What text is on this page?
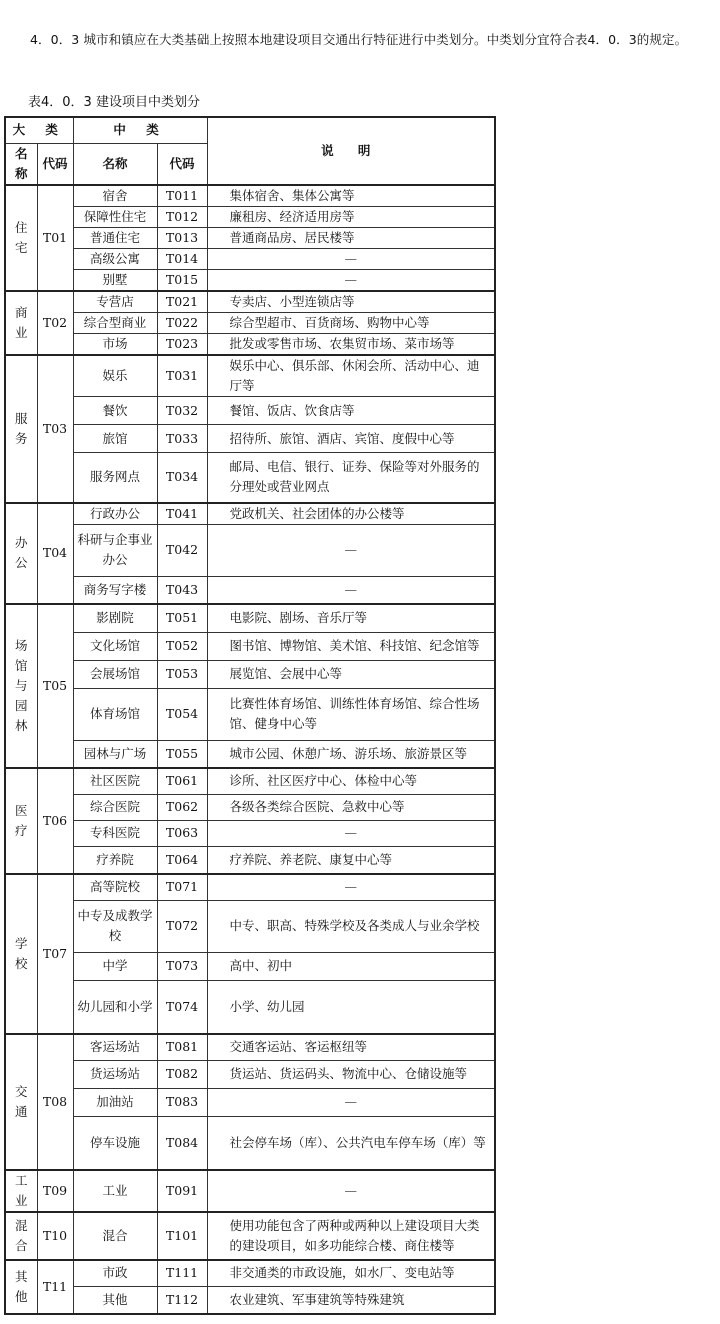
4．0．3 城市和镇应在大类基础上按照本地建设项目交通出行特征进行中类划分。中类划分宜符合表4．0．3的规定。
表4．0．3 建设项目中类划分
大 类		中 类		说 明
名称	代码	名称	代码	
住宅	T01	宿舍	T011	集体宿舍、集体公寓等
		保障性住宅	T012	廉租房、经济适用房等
		普通住宅	T013	普通商品房、居民楼等
		高级公寓	T014	—
		别墅	T015	—
商业	T02	专营店	T021	专卖店、小型连锁店等
		综合型商业	T022	综合型超市、百货商场、购物中心等
		市场	T023	批发或零售市场、农集贸市场、菜市场等
服务	T03	娱乐	T031	娱乐中心、俱乐部、休闲会所、活动中心、迪厅等
		餐饮	T032	餐馆、饭店、饮食店等
		旅馆	T033	招待所、旅馆、酒店、宾馆、度假中心等
		服务网点	T034	邮局、电信、银行、证券、保险等对外服务的分理处或营业网点
办公	T04	行政办公	T041	党政机关、社会团体的办公楼等
		科研与企事业办公	T042	—
		商务写字楼	T043	—
场馆与园林	T05	影剧院	T051	电影院、剧场、音乐厅等
		文化场馆	T052	图书馆、博物馆、美术馆、科技馆、纪念馆等
		会展场馆	T053	展览馆、会展中心等
		体育场馆	T054	比赛性体育场馆、训练性体育场馆、综合性场馆、健身中心等
		园林与广场	T055	城市公园、休憩广场、游乐场、旅游景区等
医疗	T06	社区医院	T061	诊所、社区医疗中心、体检中心等
		综合医院	T062	各级各类综合医院、急救中心等
		专科医院	T063	—
		疗养院	T064	疗养院、养老院、康复中心等
学校	T07	高等院校	T071	—
		中专及成教学校	T072	中专、职高、特殊学校及各类成人与业余学校
		中学	T073	高中、初中
		幼儿园和小学	T074	小学、幼儿园
交通	T08	客运场站	T081	交通客运站、客运枢纽等
		货运场站	T082	货运站、货运码头、物流中心、仓储设施等
		加油站	T083	—
		停车设施	T084	社会停车场（库）、公共汽电车停车场（库）等
工业	T09	工业	T091	—
混合	T10	混合	T101	使用功能包含了两种或两种以上建设项目大类的建设项目，如多功能综合楼、商住楼等
其他	T11	市政	T111	非交通类的市政设施，如水厂、变电站等
		其他	T112	农业建筑、军事建筑等特殊建筑
